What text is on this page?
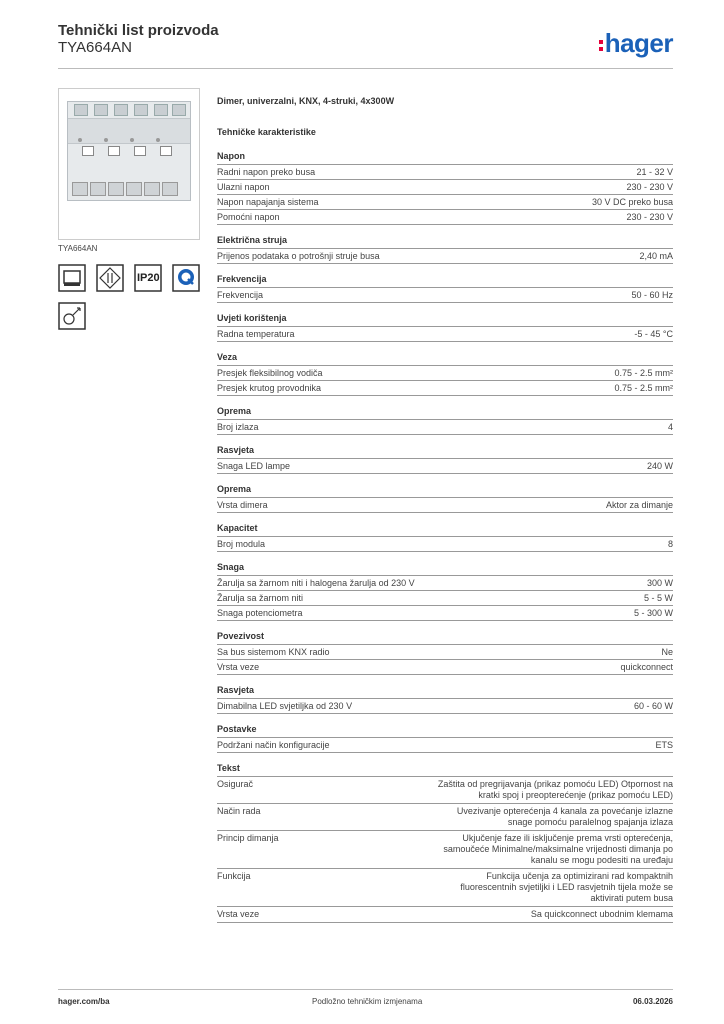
Tehnički list proizvoda
TYA664AN	hager
TYA664AN
IP20
Dimer, univerzalni, KNX, 4-struki, 4x300W
Tehničke karakteristike
Napon
Radni napon preko busa	21 - 32 V
Ulazni napon	230 - 230 V
Napon napajanja sistema	30 V DC preko busa
Pomoćni napon	230 - 230 V
Električna struja
Prijenos podataka o potrošnji struje busa	2,40 mA
Frekvencija
Frekvencija	50 - 60 Hz
Uvjeti korištenja
Radna temperatura	-5 - 45 °C
Veza
Presjek fleksibilnog vodiča	0.75 - 2.5 mm²
Presjek krutog provodnika	0.75 - 2.5 mm²
Oprema
Broj izlaza	4
Rasvjeta
Snaga LED lampe	240 W
Oprema
Vrsta dimera	Aktor za dimanje
Kapacitet
Broj modula	8
Snaga
Žarulja sa žarnom niti i halogena žarulja od 230 V	300 W
Žarulja sa žarnom niti	5 - 5 W
Snaga potenciometra	5 - 300 W
Povezivost
Sa bus sistemom KNX radio	Ne
Vrsta veze	quickconnect
Rasvjeta
Dimabilna LED svjetiljka od 230 V	60 - 60 W
Postavke
Podržani način konfiguracije	ETS
Tekst
Osigurač	Zaštita od pregrijavanja (prikaz pomoću LED) Otpornost na kratki spoj i preopterećenje (prikaz pomoću LED)
Način rada	Uvezivanje opterećenja 4 kanala za povećanje izlazne snage pomoću paralelnog spajanja izlaza
Princip dimanja	Ukjučenje faze ili isključenje prema vrsti opterećenja, samoučeće Minimalne/maksimalne vrijednosti dimanja po kanalu se mogu podesiti na uređaju
Funkcija	Funkcija učenja za optimizirani rad kompaktnih fluorescentnih svjetiljki i LED rasvjetnih tijela može se aktivirati putem busa
Vrsta veze	Sa quickconnect ubodnim klemama
hager.com/ba	Podložno tehničkim izmjenama	06.03.2026
